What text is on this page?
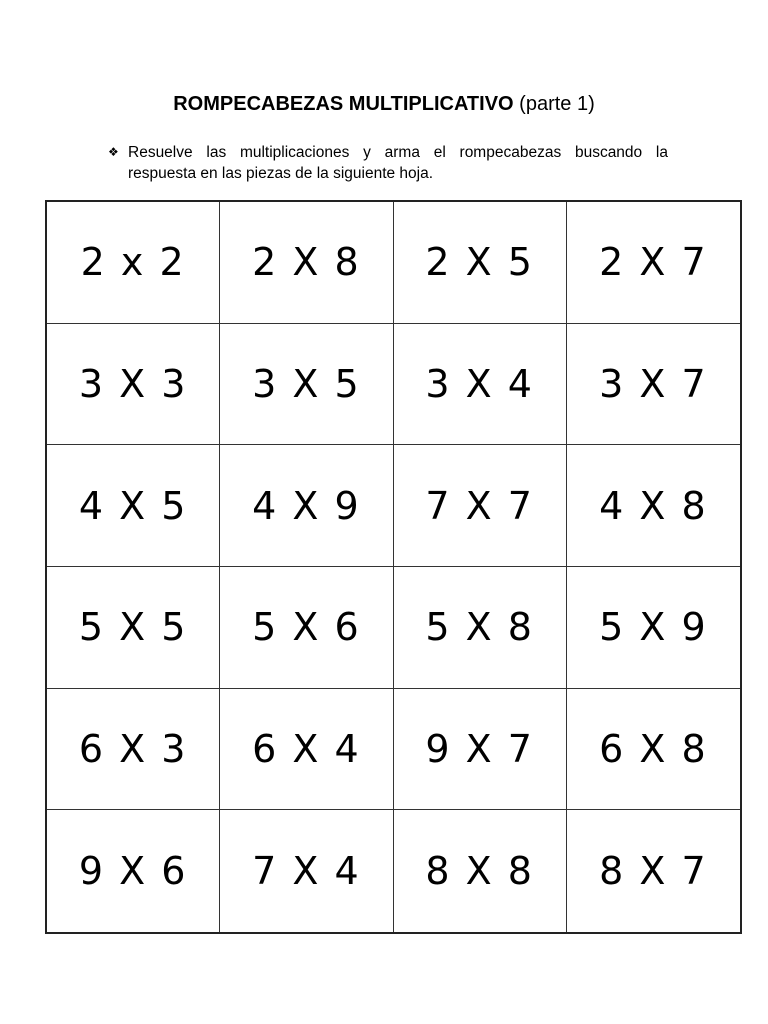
ROMPECABEZAS MULTIPLICATIVO (parte 1)
❖ Resuelve las multiplicaciones y arma el rompecabezas buscando la
respuesta en las piezas de la siguiente hoja.
2 x 2	2 X 8	2 X 5	2 X 7
3 X 3	3 X 5	3 X 4	3 X 7
4 X 5	4 X 9	7 X 7	4 X 8
5 X 5	5 X 6	5 X 8	5 X 9
6 X 3	6 X 4	9 X 7	6 X 8
9 X 6	7 X 4	8 X 8	8 X 7
